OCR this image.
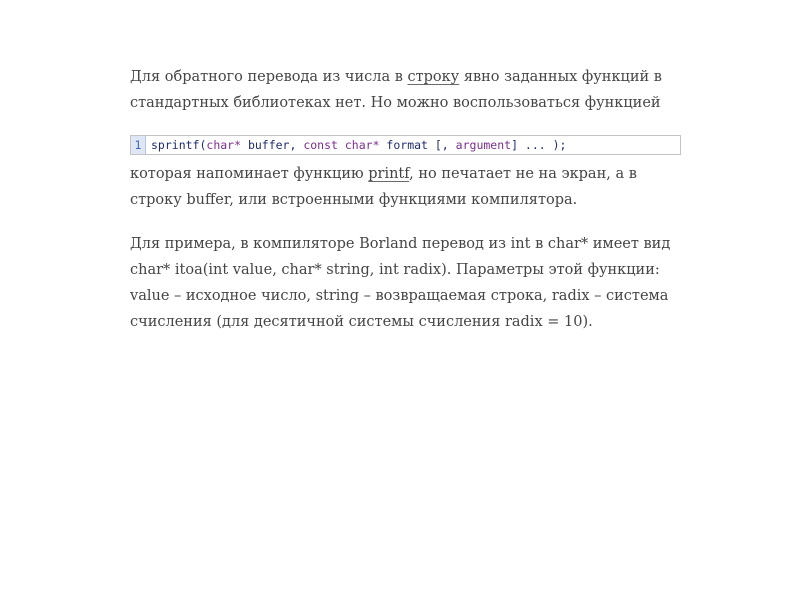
Для обратного перевода из числа в строку явно заданных функций в стандартных библиотеках нет. Но можно воспользоваться функцией

1 sprintf(char* buffer, const char* format [, argument] ... );

которая напоминает функцию printf, но печатает не на экран, а в строку buffer, или встроенными функциями компилятора.

Для примера, в компиляторе Borland перевод из int в char* имеет вид char* itoa(int value, char* string, int radix). Параметры этой функции: value – исходное число, string – возвращаемая строка, radix – система счисления (для десятичной системы счисления radix = 10).
